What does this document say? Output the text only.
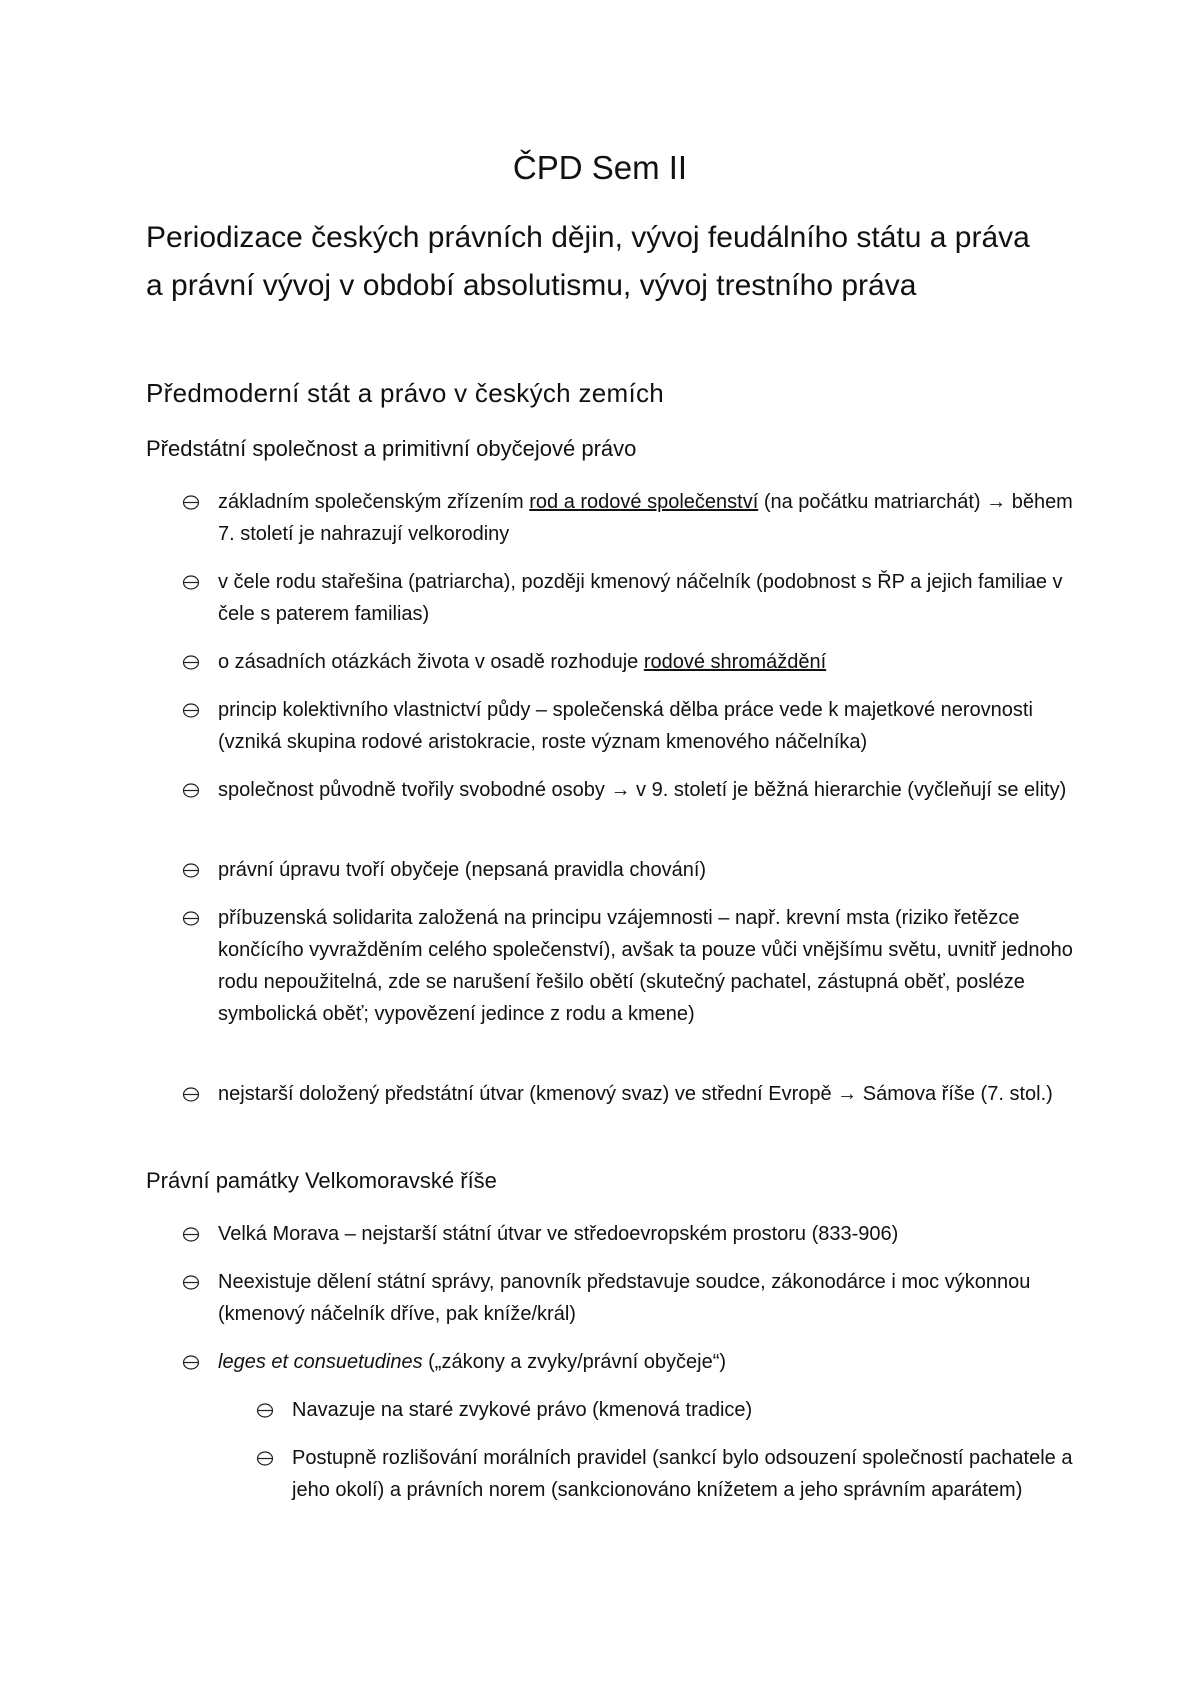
ČPD Sem II
Periodizace českých právních dějin, vývoj feudálního státu a práva a právní vývoj v období absolutismu, vývoj trestního práva
Předmoderní stát a právo v českých zemích
Předstátní společnost a primitivní obyčejové právo
základním společenským zřízením rod a rodové společenství (na počátku matriarchát) → během 7. století je nahrazují velkorodiny
v čele rodu stařešina (patriarcha), později kmenový náčelník (podobnost s ŘP a jejich familiae v čele s paterem familias)
o zásadních otázkách života v osadě rozhoduje rodové shromáždění
princip kolektivního vlastnictví půdy – společenská dělba práce vede k majetkové nerovnosti (vzniká skupina rodové aristokracie, roste význam kmenového náčelníka)
společnost původně tvořily svobodné osoby → v 9. století je běžná hierarchie (vyčleňují se elity)
právní úpravu tvoří obyčeje (nepsaná pravidla chování)
příbuzenská solidarita založená na principu vzájemnosti – např. krevní msta (riziko řetězce končícího vyvražděním celého společenství), avšak ta pouze vůči vnějšímu světu, uvnitř jednoho rodu nepoužitelná, zde se narušení řešilo obětí (skutečný pachatel, zástupná oběť, posléze symbolická oběť; vypovězení jedince z rodu a kmene)
nejstarší doložený předstátní útvar (kmenový svaz) ve střední Evropě → Sámova říše (7. stol.)
Právní památky Velkomoravské říše
Velká Morava – nejstarší státní útvar ve středoevropském prostoru (833-906)
Neexistuje dělení státní správy, panovník představuje soudce, zákonodárce i moc výkonnou (kmenový náčelník dříve, pak kníže/král)
leges et consuetudines („zákony a zvyky/právní obyčeje“)
Navazuje na staré zvykové právo (kmenová tradice)
Postupně rozlišování morálních pravidel (sankcí bylo odsouzení společností pachatele a jeho okolí) a právních norem (sankcionováno knížetem a jeho správním aparátem)
